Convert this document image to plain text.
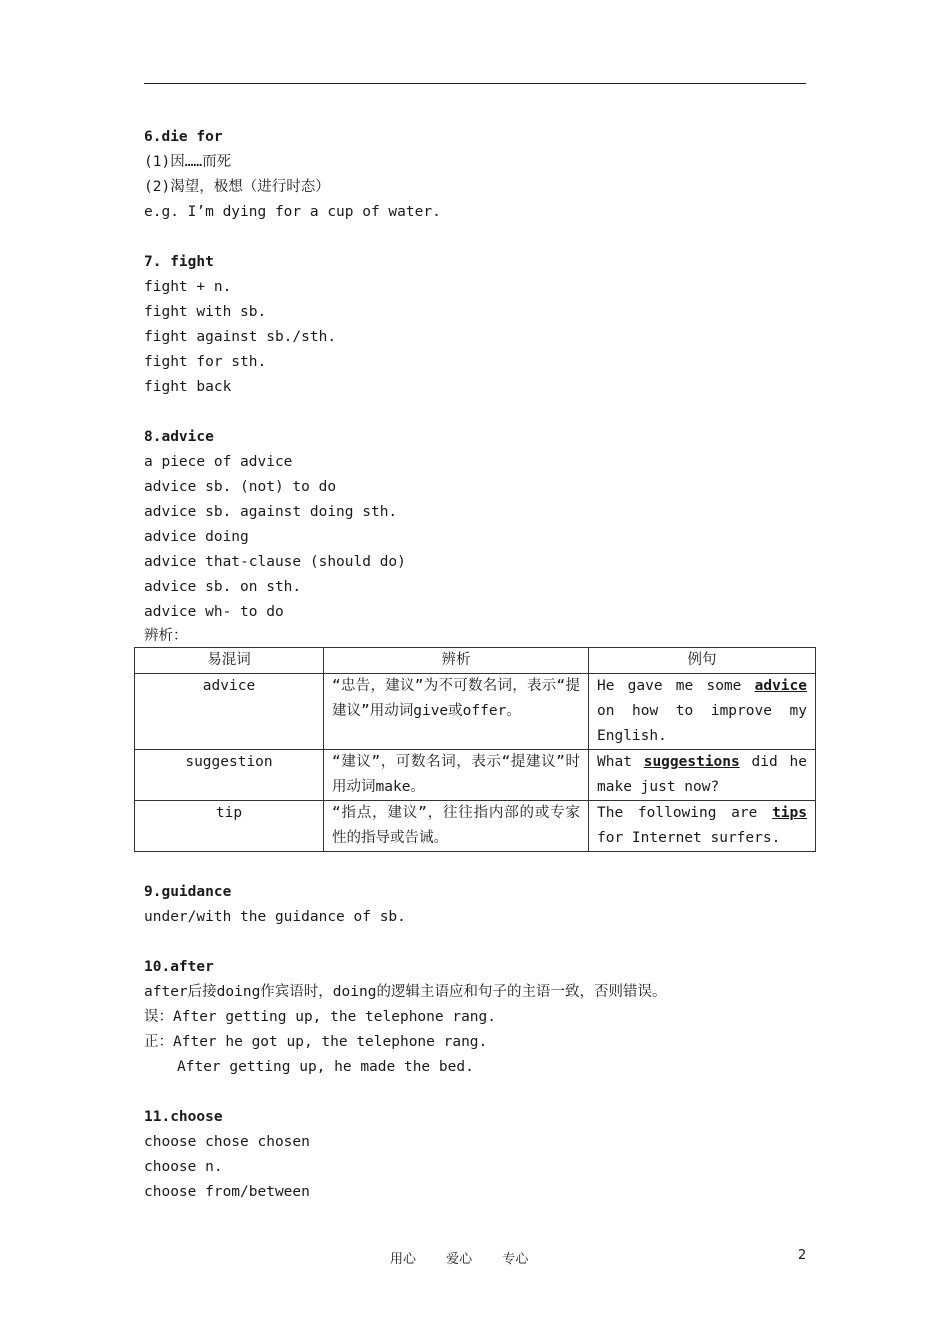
6.die for
(1)因……而死
(2)渴望，极想（进行时态）
e.g. I’m dying for a cup of water.
7. fight
fight + n.
fight with sb.
fight against sb./sth.
fight for sth.
fight back
8.advice
a piece of advice
advice sb. (not) to do
advice sb. against doing sth.
advice doing
advice that-clause (should do)
advice sb. on sth.
advice wh- to do
辨析：
易混词	辨析	例句
advice	“忠告，建议”为不可数名词，表示“提建议”用动词give或offer。	He gave me some advice on how to improve my English.
suggestion	“建议”，可数名词，表示“提建议”时用动词make。	What suggestions did he make just now?
tip	“指点，建议”，往往指内部的或专家性的指导或告诫。	The following are tips for Internet surfers.
9.guidance
under/with the guidance of sb.
10.after
after后接doing作宾语时，doing的逻辑主语应和句子的主语一致，否则错误。
误：After getting up, the telephone rang.
正：After he got up, the telephone rang.
After getting up, he made the bed.
11.choose
choose chose chosen
choose n.
choose from/between
用心 爱心 专心	2
